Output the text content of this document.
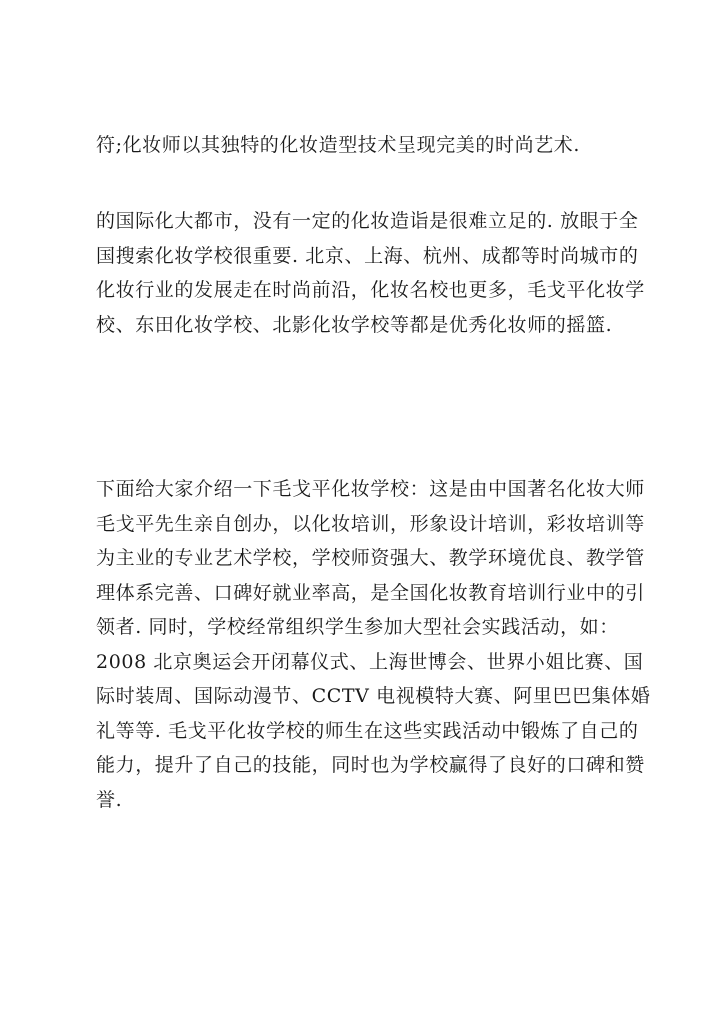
符;化妆师以其独特的化妆造型技术呈现完美的时尚艺术.

的国际化大都市，没有一定的化妆造诣是很难立足的. 放眼于全
国搜索化妆学校很重要. 北京、上海、杭州、成都等时尚城市的
化妆行业的发展走在时尚前沿，化妆名校也更多，毛戈平化妆学
校、东田化妆学校、北影化妆学校等都是优秀化妆师的摇篮.

下面给大家介绍一下毛戈平化妆学校：这是由中国著名化妆大师
毛戈平先生亲自创办，以化妆培训，形象设计培训，彩妆培训等
为主业的专业艺术学校，学校师资强大、教学环境优良、教学管
理体系完善、口碑好就业率高，是全国化妆教育培训行业中的引
领者. 同时，学校经常组织学生参加大型社会实践活动，如：
2008 北京奥运会开闭幕仪式、上海世博会、世界小姐比赛、国
际时装周、国际动漫节、CCTV 电视模特大赛、阿里巴巴集体婚
礼等等. 毛戈平化妆学校的师生在这些实践活动中锻炼了自己的
能力，提升了自己的技能，同时也为学校赢得了良好的口碑和赞
誉.
